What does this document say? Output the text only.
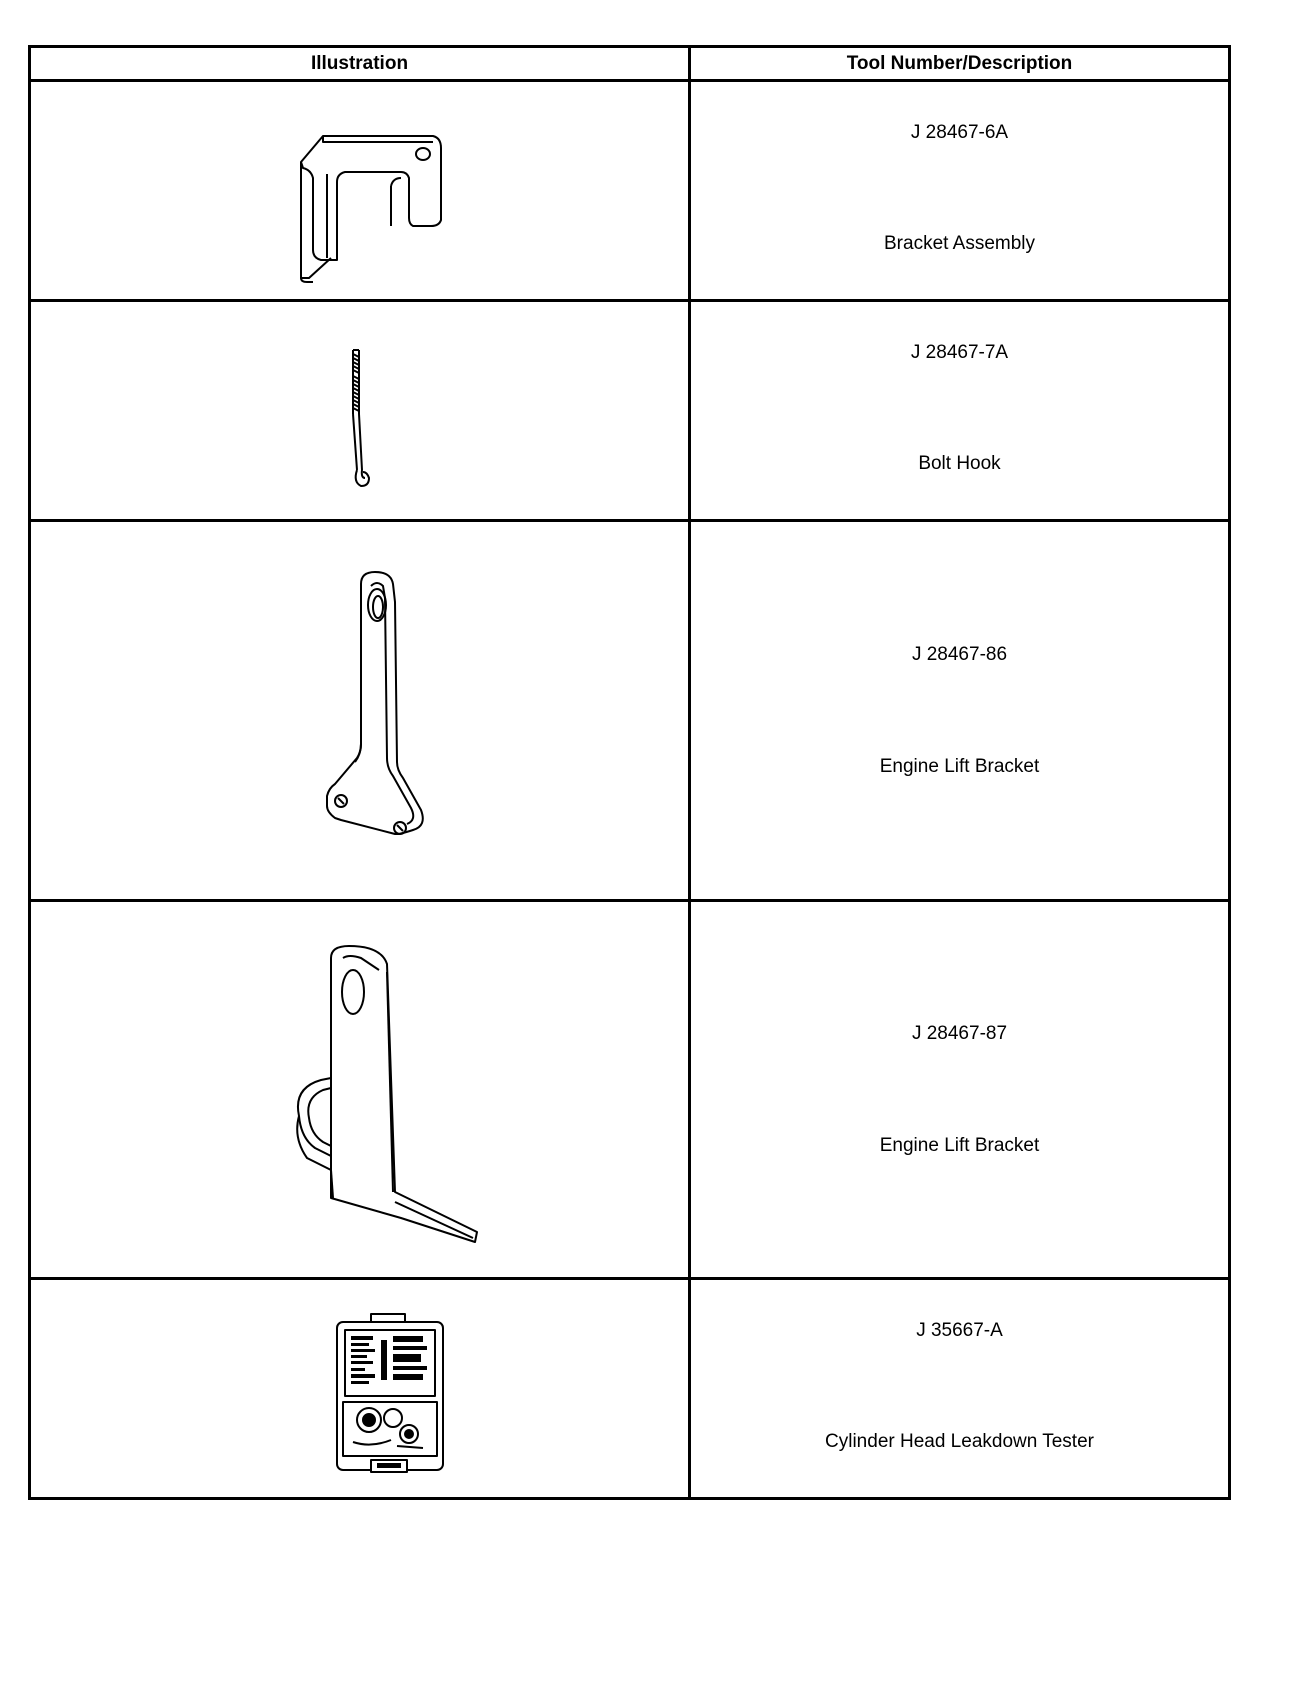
Illustration	Tool Number/Description

J 28467-6A
Bracket Assembly

J 28467-7A
Bolt Hook

J 28467-86
Engine Lift Bracket

J 28467-87
Engine Lift Bracket

J 35667-A
Cylinder Head Leakdown Tester
